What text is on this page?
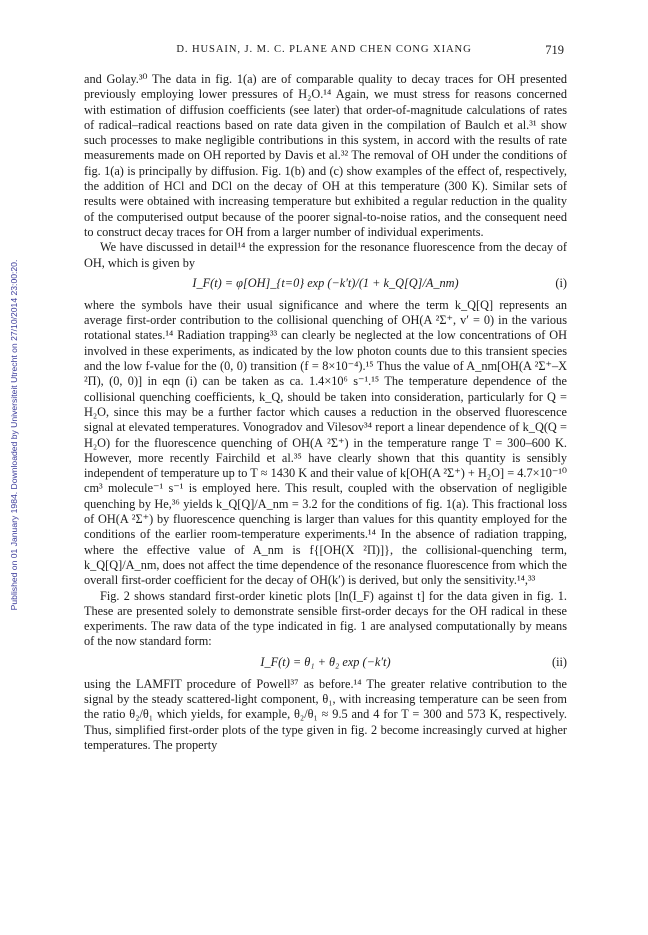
Published on 01 January 1984. Downloaded by Universiteit Utrecht on 27/10/2014 23:00:20.
D. HUSAIN, J. M. C. PLANE AND CHEN CONG XIANG	719

and Golay.³⁰ The data in fig. 1(a) are of comparable quality to decay traces for OH presented previously employing lower pressures of H₂O.¹⁴ Again, we must stress for reasons concerned with estimation of diffusion coefficients (see later) that order-of-magnitude calculations of rates of radical–radical reactions based on rate data given in the compilation of Baulch et al.³¹ show such processes to make negligible contributions in this system, in accord with the results of rate measurements made on OH reported by Davis et al.³² The removal of OH under the conditions of fig. 1(a) is principally by diffusion. Fig. 1(b) and (c) show examples of the effect of, respectively, the addition of HCl and DCl on the decay of OH at this temperature (300 K). Similar sets of results were obtained with increasing temperature but exhibited a regular reduction in the quality of the computerised output because of the poorer signal-to-noise ratios, and the consequent need to construct decay traces for OH from a larger number of individual experiments.

We have discussed in detail¹⁴ the expression for the resonance fluorescence from the decay of OH, which is given by

I_F(t) = φ[OH]_{t=0} exp (−k′t)/(1 + k_Q[Q]/A_nm)	(i)

where the symbols have their usual significance and where the term k_Q[Q] represents an average first-order contribution to the collisional quenching of OH(A ²Σ⁺, v′ = 0) in the various rotational states.¹⁴ Radiation trapping³³ can clearly be neglected at the low concentrations of OH involved in these experiments, as indicated by the low photon counts due to this transient species and the low f-value for the (0, 0) transition (f = 8×10⁻⁴).¹⁵ Thus the value of A_nm[OH(A ²Σ⁺–X ²Π), (0, 0)] in eqn (i) can be taken as ca. 1.4×10⁶ s⁻¹.¹⁵ The temperature dependence of the collisional quenching coefficients, k_Q, should be taken into consideration, particularly for Q = H₂O, since this may be a further factor which causes a reduction in the observed fluorescence signal at elevated temperatures. Vonogradov and Vilesov³⁴ report a linear dependence of k_Q(Q = H₂O) for the fluorescence quenching of OH(A ²Σ⁺) in the temperature range T = 300–600 K. However, more recently Fairchild et al.³⁵ have clearly shown that this quantity is sensibly independent of temperature up to T ≈ 1430 K and their value of k[OH(A ²Σ⁺) + H₂O] = 4.7×10⁻¹⁰ cm³ molecule⁻¹ s⁻¹ is employed here. This result, coupled with the observation of negligible quenching by He,³⁶ yields k_Q[Q]/A_nm = 3.2 for the conditions of fig. 1(a). This fractional loss of OH(A ²Σ⁺) by fluorescence quenching is larger than values for this quantity employed for the conditions of the earlier room-temperature experiments.¹⁴ In the absence of radiation trapping, where the effective value of A_nm is f{[OH(X ²Π)]}, the collisional-quenching term, k_Q[Q]/A_nm, does not affect the time dependence of the resonance fluorescence from which the overall first-order coefficient for the decay of OH(k′) is derived, but only the sensitivity.¹⁴,³³

Fig. 2 shows standard first-order kinetic plots [ln(I_F) against t] for the data given in fig. 1. These are presented solely to demonstrate sensible first-order decays for the OH radical in these experiments. The raw data of the type indicated in fig. 1 are analysed computationally by means of the now standard form:

I_F(t) = θ₁ + θ₂ exp (−k′t)	(ii)

using the LAMFIT procedure of Powell³⁷ as before.¹⁴ The greater relative contribution to the signal by the steady scattered-light component, θ₁, with increasing temperature can be seen from the ratio θ₂/θ₁ which yields, for example, θ₂/θ₁ ≈ 9.5 and 4 for T = 300 and 573 K, respectively. Thus, simplified first-order plots of the type given in fig. 2 become increasingly curved at higher temperatures. The property
